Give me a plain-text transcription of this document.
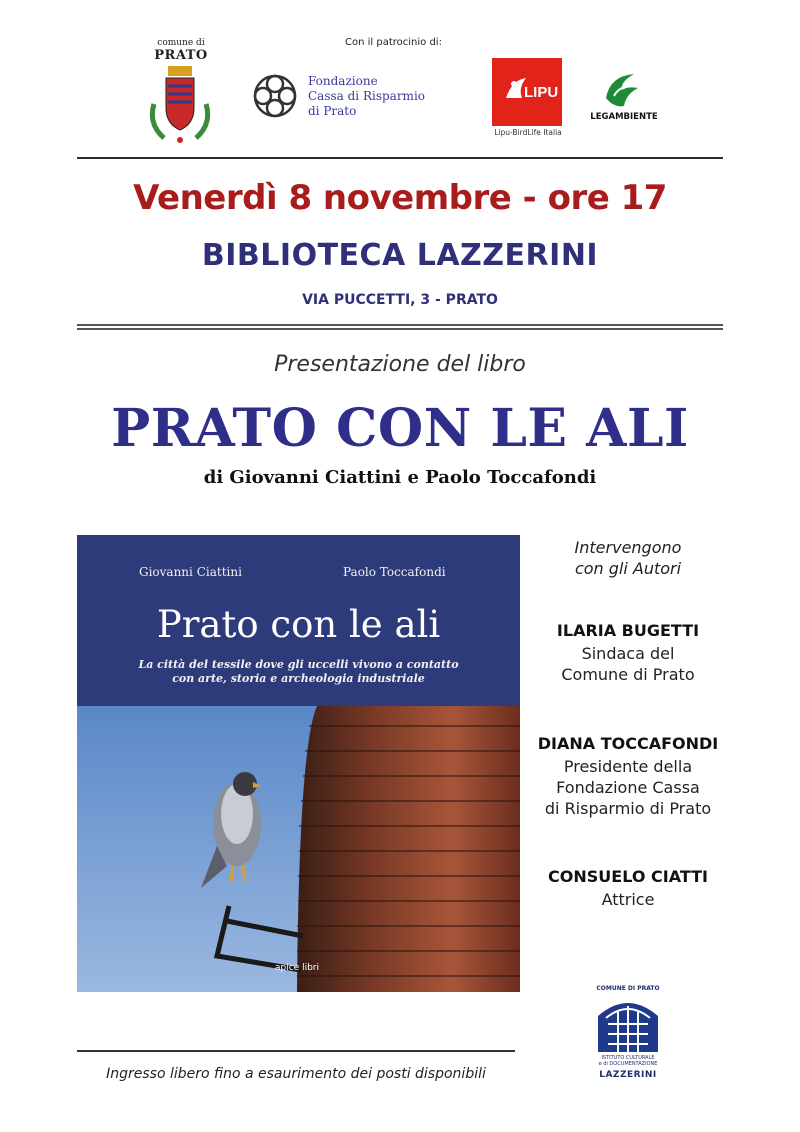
comune di
PRATO
Con il patrocinio di:
Fondazione
Cassa di Risparmio
di Prato
LIPU
Lipu-BirdLife Italia
LEGAMBIENTE
Venerdì 8 novembre - ore 17
BIBLIOTECA LAZZERINI
VIA PUCCETTI, 3 - PRATO
Presentazione del libro
PRATO CON LE ALI
di Giovanni Ciattini e Paolo Toccafondi
Giovanni Ciattini	Paolo Toccafondi
Prato con le ali
La città del tessile dove gli uccelli vivono a contatto
con arte, storia e archeologia industriale
apice libri
Intervengono
con gli Autori
ILARIA BUGETTI
Sindaca del
Comune di Prato
DIANA TOCCAFONDI
Presidente della
Fondazione Cassa
di Risparmio di Prato
CONSUELO CIATTI
Attrice
COMUNE DI PRATO
ISTITUTO CULTURALE
e di DOCUMENTAZIONE
LAZZERINI
Ingresso libero fino a esaurimento dei posti disponibili
